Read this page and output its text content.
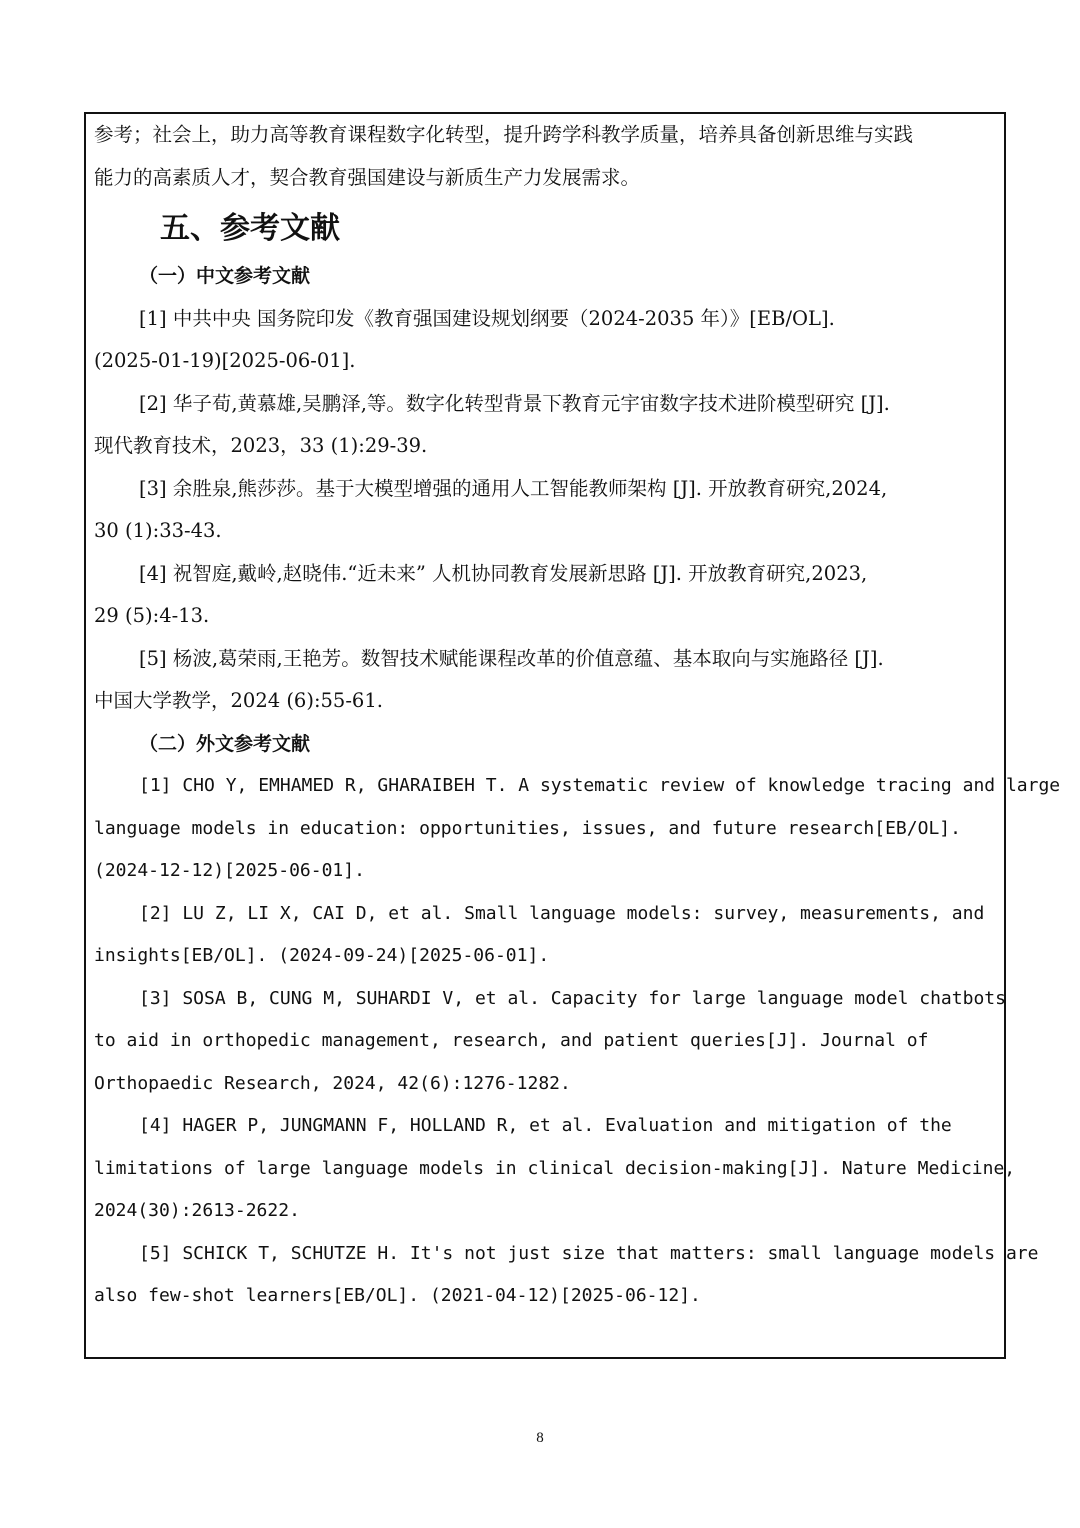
参考；社会上，助力高等教育课程数字化转型，提升跨学科教学质量，培养具备创新思维与实践
能力的高素质人才，契合教育强国建设与新质生产力发展需求。
五、参考文献
（一）中文参考文献
[1] 中共中央 国务院印发《教育强国建设规划纲要（2024-2035 年）》[EB/OL].
(2025-01-19)[2025-06-01].
[2] 华子荀,黄慕雄,吴鹏泽,等。数字化转型背景下教育元宇宙数字技术进阶模型研究 [J].
现代教育技术，2023，33 (1):29-39.
[3] 余胜泉,熊莎莎。基于大模型增强的通用人工智能教师架构 [J]. 开放教育研究,2024,
30 (1):33-43.
[4] 祝智庭,戴岭,赵晓伟.“近未来” 人机协同教育发展新思路 [J]. 开放教育研究,2023,
29 (5):4-13.
[5] 杨波,葛荣雨,王艳芳。数智技术赋能课程改革的价值意蕴、基本取向与实施路径 [J].
中国大学教学，2024 (6):55-61.
（二）外文参考文献
[1] CHO Y, EMHAMED R, GHARAIBEH T. A systematic review of knowledge tracing and large
language models in education: opportunities, issues, and future research[EB/OL].
(2024-12-12)[2025-06-01].
[2] LU Z, LI X, CAI D, et al. Small language models: survey, measurements, and
insights[EB/OL]. (2024-09-24)[2025-06-01].
[3] SOSA B, CUNG M, SUHARDI V, et al. Capacity for large language model chatbots
to aid in orthopedic management, research, and patient queries[J]. Journal of
Orthopaedic Research, 2024, 42(6):1276-1282.
[4] HAGER P, JUNGMANN F, HOLLAND R, et al. Evaluation and mitigation of the
limitations of large language models in clinical decision-making[J]. Nature Medicine,
2024(30):2613-2622.
[5] SCHICK T, SCHUTZE H. It's not just size that matters: small language models are
also few-shot learners[EB/OL]. (2021-04-12)[2025-06-12].
8
